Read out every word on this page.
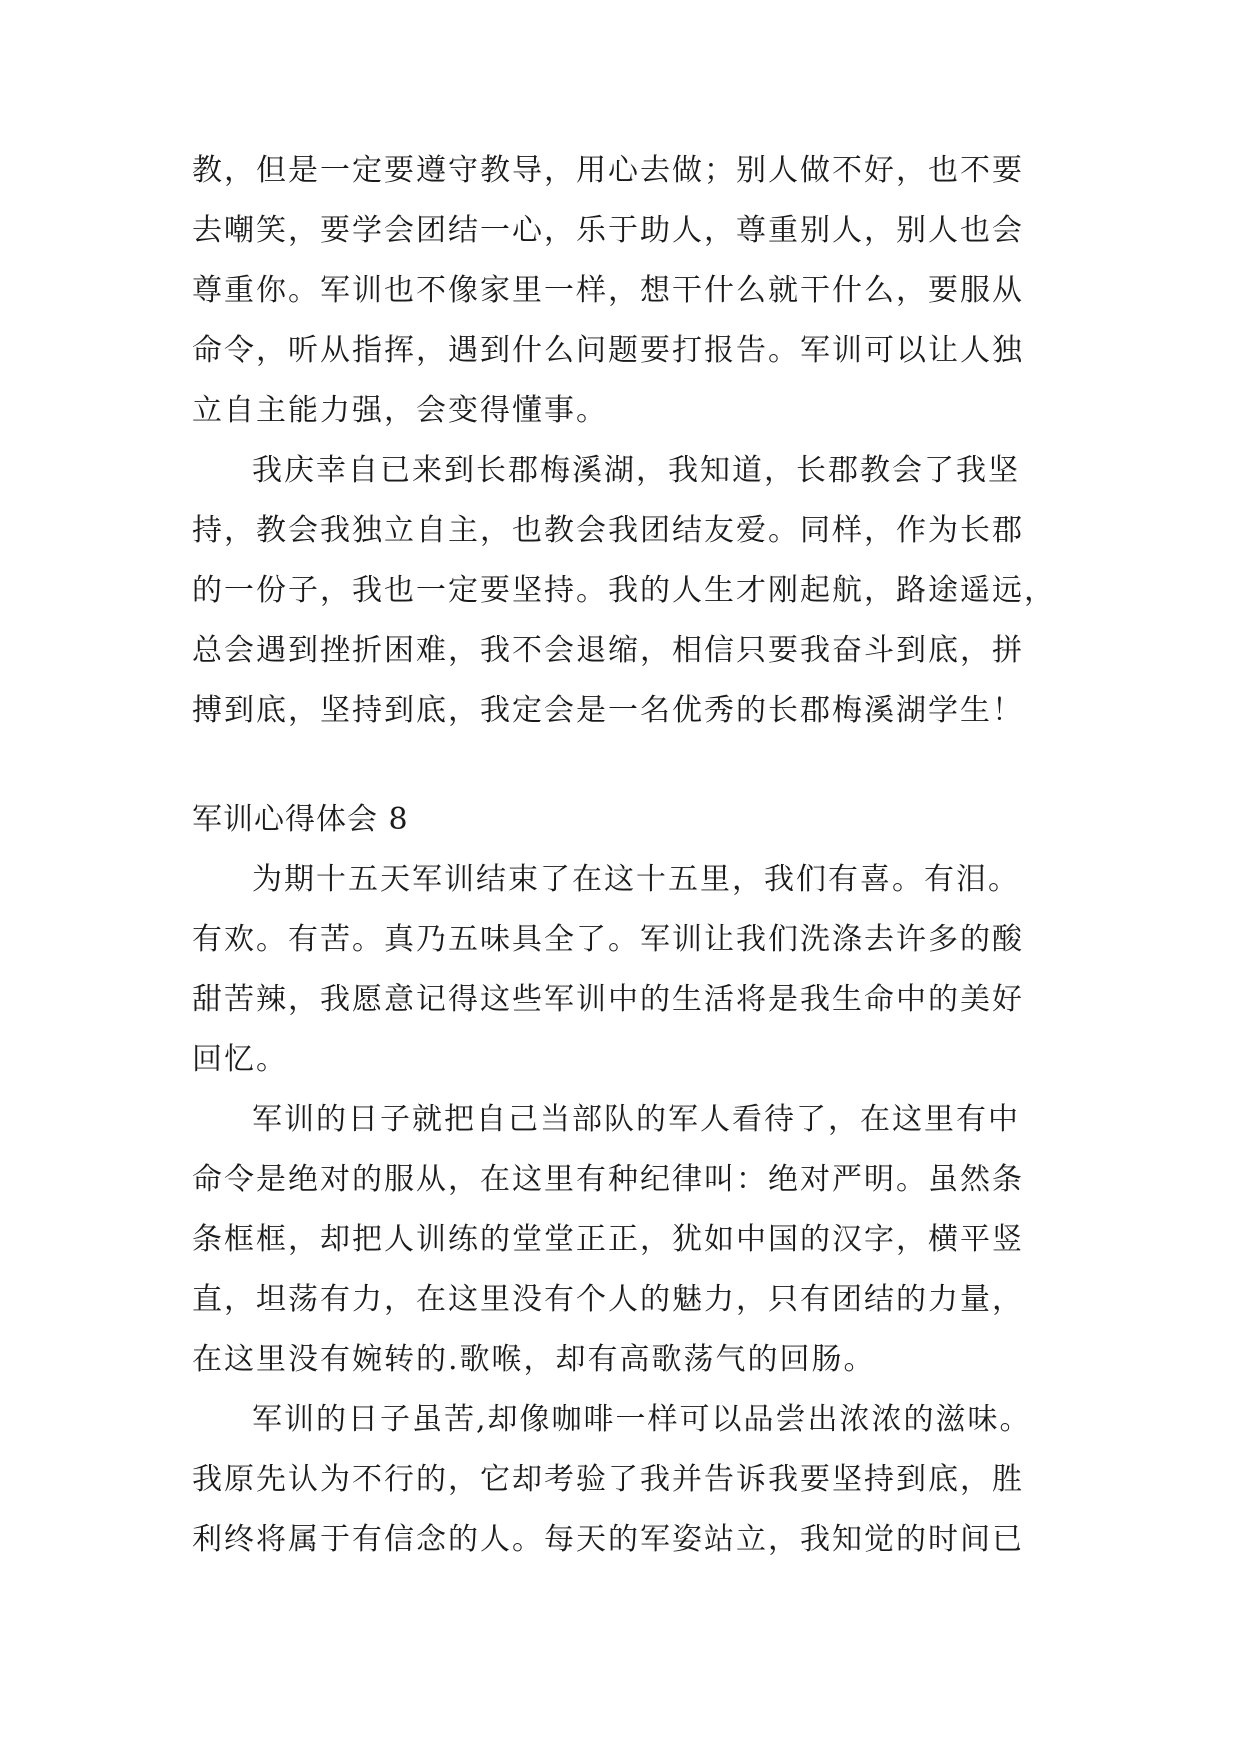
教，但是一定要遵守教导，用心去做；别人做不好，也不要
去嘲笑，要学会团结一心，乐于助人，尊重别人，别人也会
尊重你。军训也不像家里一样，想干什么就干什么，要服从
命令，听从指挥，遇到什么问题要打报告。军训可以让人独
立自主能力强，会变得懂事。
我庆幸自已来到长郡梅溪湖，我知道，长郡教会了我坚
持，教会我独立自主，也教会我团结友爱。同样，作为长郡
的一份子，我也一定要坚持。我的人生才刚起航，路途遥远，
总会遇到挫折困难，我不会退缩，相信只要我奋斗到底，拼
搏到底，坚持到底，我定会是一名优秀的长郡梅溪湖学生！
军训心得体会 8
为期十五天军训结束了在这十五里，我们有喜。有泪。
有欢。有苦。真乃五味具全了。军训让我们洗涤去许多的酸
甜苦辣，我愿意记得这些军训中的生活将是我生命中的美好
回忆。
军训的日子就把自己当部队的军人看待了，在这里有中
命令是绝对的服从，在这里有种纪律叫：绝对严明。虽然条
条框框，却把人训练的堂堂正正，犹如中国的汉字，横平竖
直，坦荡有力，在这里没有个人的魅力，只有团结的力量，
在这里没有婉转的.歌喉，却有高歌荡气的回肠。
军训的日子虽苦,却像咖啡一样可以品尝出浓浓的滋味。
我原先认为不行的，它却考验了我并告诉我要坚持到底，胜
利终将属于有信念的人。每天的军姿站立，我知觉的时间已
